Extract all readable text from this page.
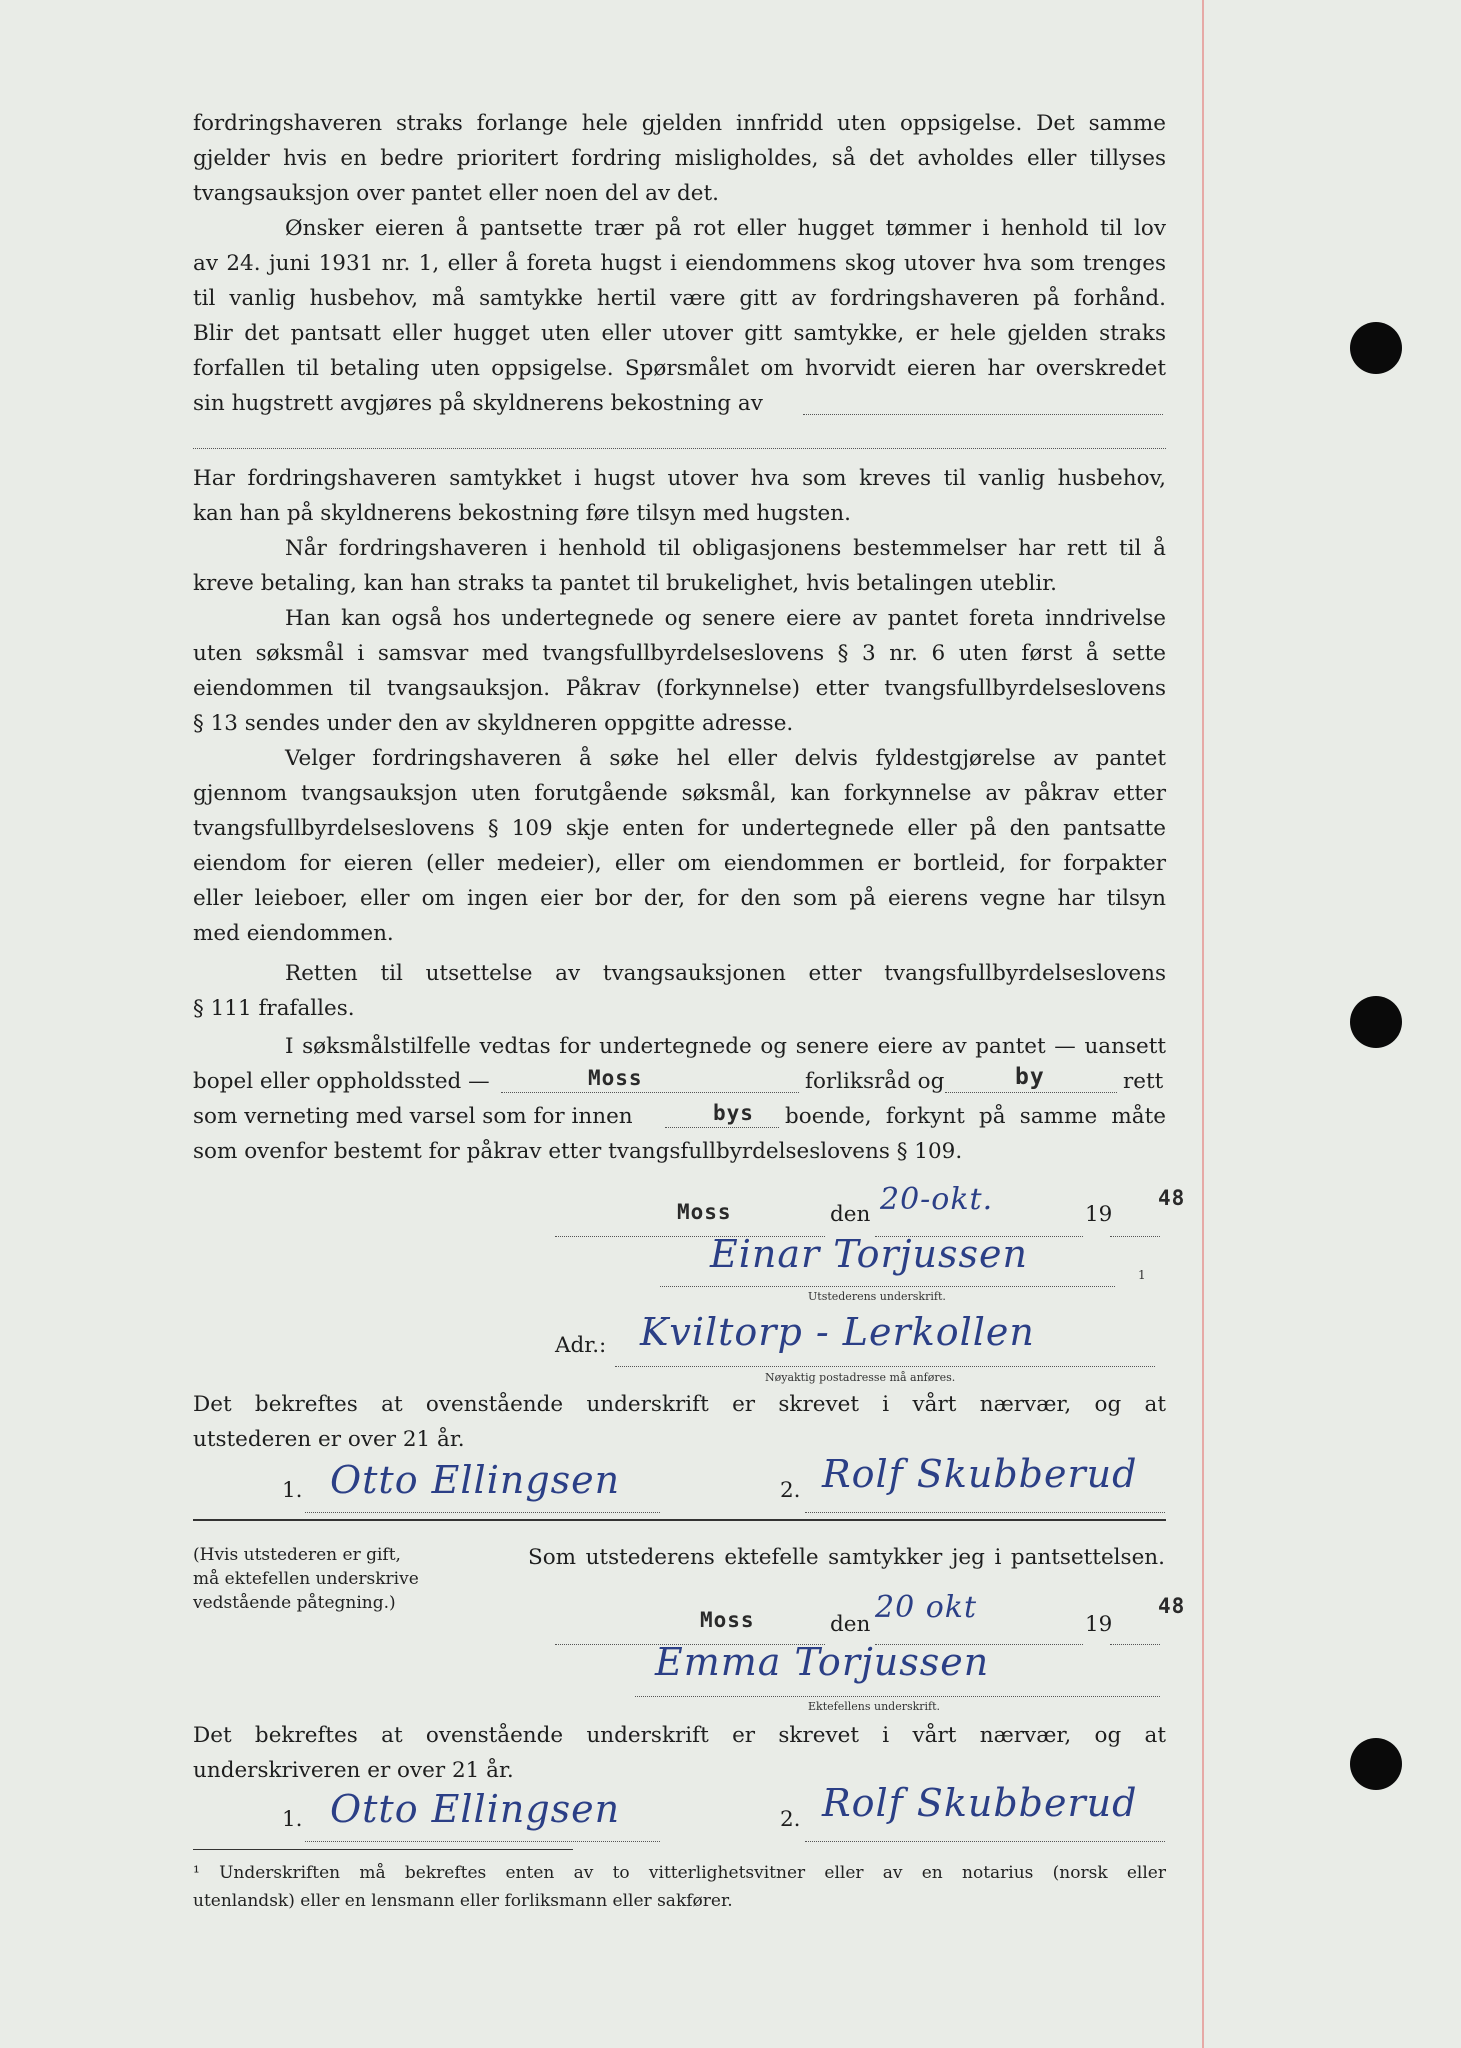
fordringshaveren straks forlange hele gjelden innfridd uten oppsigelse. Det samme
gjelder hvis en bedre prioritert fordring misligholdes, så det avholdes eller tillyses
tvangsauksjon over pantet eller noen del av det.
Ønsker eieren å pantsette trær på rot eller hugget tømmer i henhold til lov
av 24. juni 1931 nr. 1, eller å foreta hugst i eiendommens skog utover hva som trenges
til vanlig husbehov, må samtykke hertil være gitt av fordringshaveren på forhånd.
Blir det pantsatt eller hugget uten eller utover gitt samtykke, er hele gjelden straks
forfallen til betaling uten oppsigelse. Spørsmålet om hvorvidt eieren har overskredet
sin hugstrett avgjøres på skyldnerens bekostning av
Har fordringshaveren samtykket i hugst utover hva som kreves til vanlig husbehov,
kan han på skyldnerens bekostning føre tilsyn med hugsten.
Når fordringshaveren i henhold til obligasjonens bestemmelser har rett til å
kreve betaling, kan han straks ta pantet til brukelighet, hvis betalingen uteblir.
Han kan også hos undertegnede og senere eiere av pantet foreta inndrivelse
uten søksmål i samsvar med tvangsfullbyrdelseslovens § 3 nr. 6 uten først å sette
eiendommen til tvangsauksjon. Påkrav (forkynnelse) etter tvangsfullbyrdelseslovens
§ 13 sendes under den av skyldneren oppgitte adresse.
Velger fordringshaveren å søke hel eller delvis fyldestgjørelse av pantet
gjennom tvangsauksjon uten forutgående søksmål, kan forkynnelse av påkrav etter
tvangsfullbyrdelseslovens § 109 skje enten for undertegnede eller på den pantsatte
eiendom for eieren (eller medeier), eller om eiendommen er bortleid, for forpakter
eller leieboer, eller om ingen eier bor der, for den som på eierens vegne har tilsyn
med eiendommen.
Retten til utsettelse av tvangsauksjonen etter tvangsfullbyrdelseslovens
§ 111 frafalles.
I søksmålstilfelle vedtas for undertegnede og senere eiere av pantet — uansett
bopel eller oppholdssted —	Moss	forliksråd og	by	rett
som verneting med varsel som for innen	bys boende, forkynt på samme måte
som ovenfor bestemt for påkrav etter tvangsfullbyrdelseslovens § 109.
Moss	den 20-okt.	19
48
Einar Torjussen	1
Utstederens underskrift.
Adr.: Kviltorp - Lerkollen
Nøyaktig postadresse må anføres.
Det bekreftes at ovenstående underskrift er skrevet i vårt nærvær, og at
utstederen er over 21 år.
1. Otto Ellingsen	2. Rolf Skubberud
(Hvis utstederen er gift,
må ektefellen underskrive
vedstående påtegning.)
Som utstederens ektefelle samtykker jeg i pantsettelsen.
Moss	den 20 okt	19
48
Emma Torjussen
Ektefellens underskrift.
Det bekreftes at ovenstående underskrift er skrevet i vårt nærvær, og at
underskriveren er over 21 år.
1. Otto Ellingsen	2. Rolf Skubberud
¹ Underskriften må bekreftes enten av to vitterlighetsvitner eller av en notarius (norsk eller
utenlandsk) eller en lensmann eller forliksmann eller sakfører.
